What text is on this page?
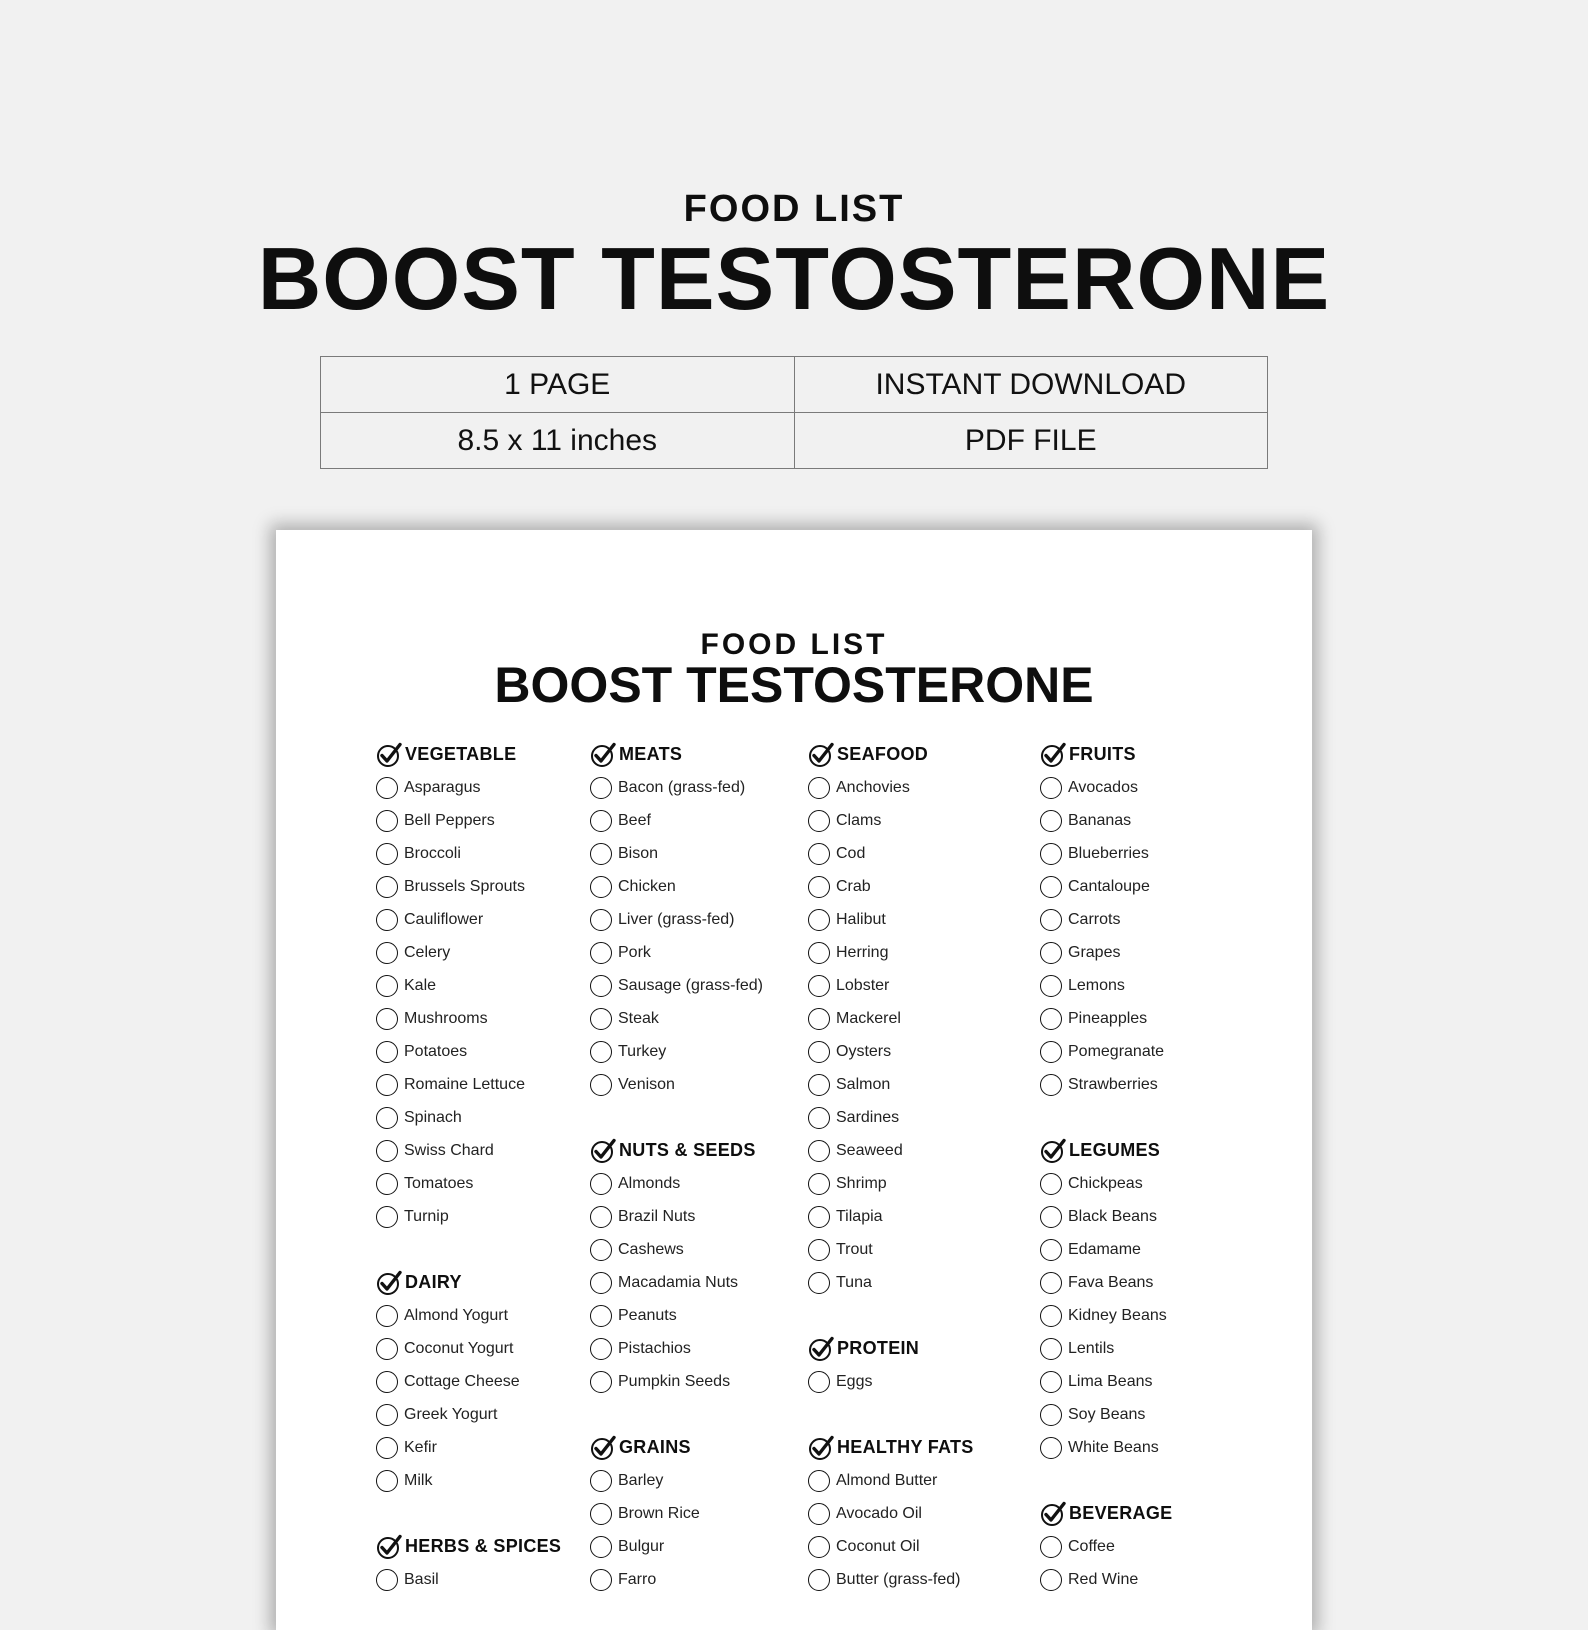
FOOD LIST
BOOST TESTOSTERONE
1 PAGE	INSTANT DOWNLOAD
8.5 x 11 inches	PDF FILE
FOOD LIST
BOOST TESTOSTERONE
VEGETABLE
Asparagus
Bell Peppers
Broccoli
Brussels Sprouts
Cauliflower
Celery
Kale
Mushrooms
Potatoes
Romaine Lettuce
Spinach
Swiss Chard
Tomatoes
Turnip
DAIRY
Almond Yogurt
Coconut Yogurt
Cottage Cheese
Greek Yogurt
Kefir
Milk
HERBS & SPICES
Basil
MEATS
Bacon (grass-fed)
Beef
Bison
Chicken
Liver (grass-fed)
Pork
Sausage (grass-fed)
Steak
Turkey
Venison
NUTS & SEEDS
Almonds
Brazil Nuts
Cashews
Macadamia Nuts
Peanuts
Pistachios
Pumpkin Seeds
GRAINS
Barley
Brown Rice
Bulgur
Farro
SEAFOOD
Anchovies
Clams
Cod
Crab
Halibut
Herring
Lobster
Mackerel
Oysters
Salmon
Sardines
Seaweed
Shrimp
Tilapia
Trout
Tuna
PROTEIN
Eggs
HEALTHY FATS
Almond Butter
Avocado Oil
Coconut Oil
Butter (grass-fed)
FRUITS
Avocados
Bananas
Blueberries
Cantaloupe
Carrots
Grapes
Lemons
Pineapples
Pomegranate
Strawberries
LEGUMES
Chickpeas
Black Beans
Edamame
Fava Beans
Kidney Beans
Lentils
Lima Beans
Soy Beans
White Beans
BEVERAGE
Coffee
Red Wine
